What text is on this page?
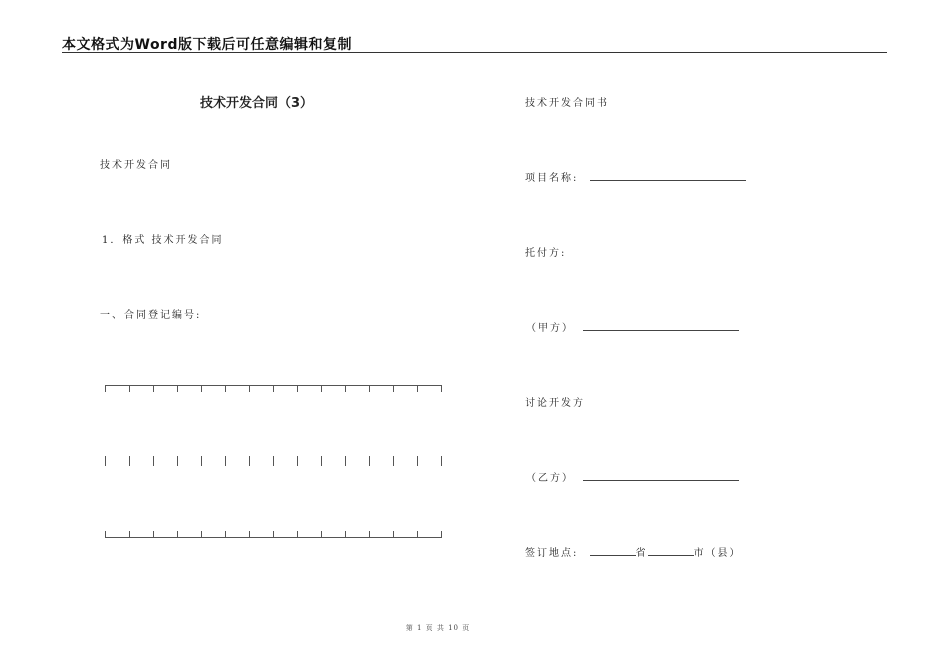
本文格式为Word版下载后可任意编辑和复制
技术开发合同（3）
技术开发合同
1．格式 技术开发合同
一、合同登记编号:
技术开发合同书
项目名称:
托付方:
（甲方）
讨论开发方
（乙方）
签订地点:	省	市（县）
第 1 页 共 10 页
